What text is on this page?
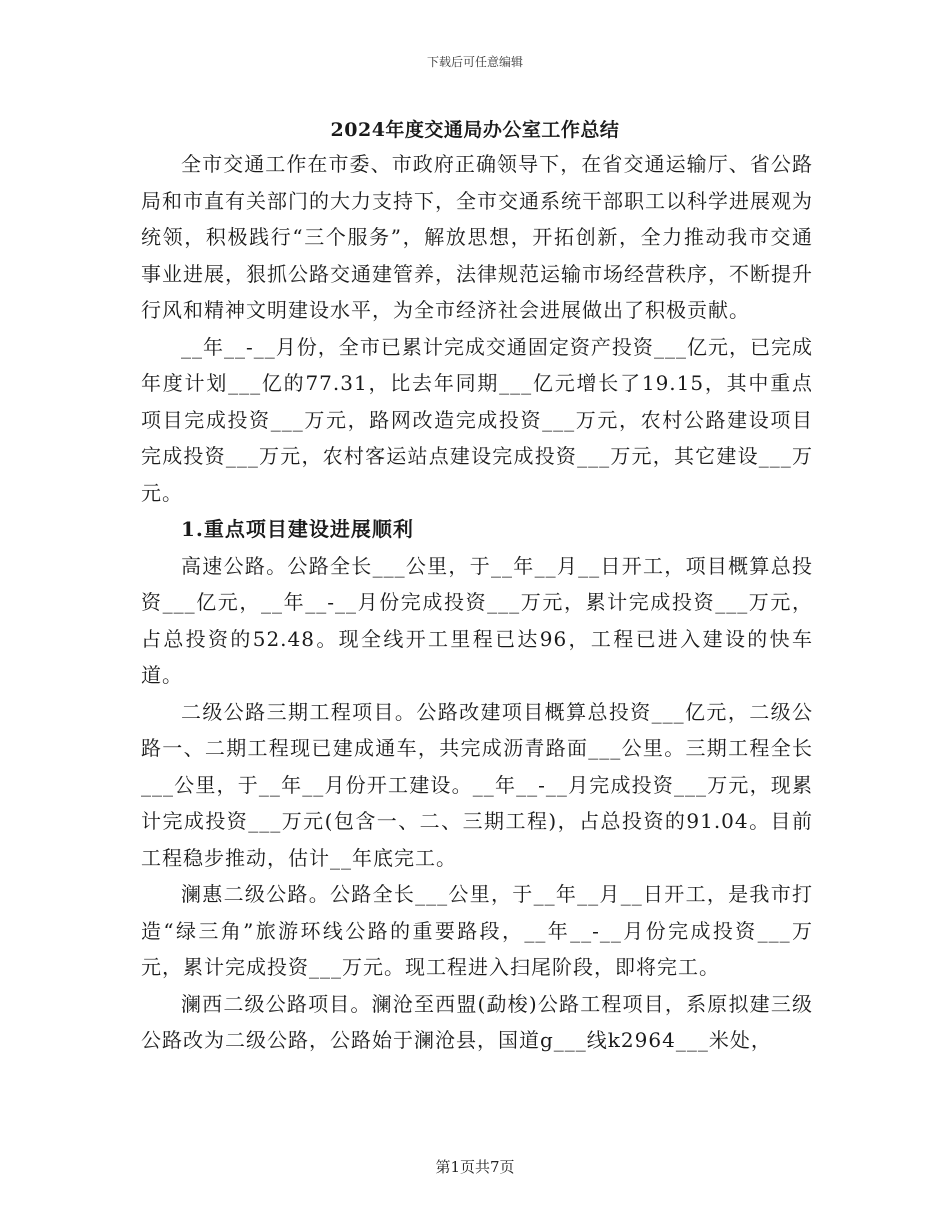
下载后可任意编辑
2024年度交通局办公室工作总结

全市交通工作在市委、市政府正确领导下，在省交通运输厅、省公路局和市直有关部门的大力支持下，全市交通系统干部职工以科学进展观为统领，积极践行“三个服务”，解放思想，开拓创新，全力推动我市交通事业进展，狠抓公路交通建管养，法律规范运输市场经营秩序，不断提升行风和精神文明建设水平，为全市经济社会进展做出了积极贡献。

__年__-__月份，全市已累计完成交通固定资产投资___亿元，已完成年度计划___亿的77.31，比去年同期___亿元增长了19.15，其中重点项目完成投资___万元，路网改造完成投资___万元，农村公路建设项目完成投资___万元，农村客运站点建设完成投资___万元，其它建设___万元。

1.重点项目建设进展顺利

高速公路。公路全长___公里，于__年__月__日开工，项目概算总投资___亿元，__年__-__月份完成投资___万元，累计完成投资___万元，占总投资的52.48。现全线开工里程已达96，工程已进入建设的快车道。

二级公路三期工程项目。公路改建项目概算总投资___亿元，二级公路一、二期工程现已建成通车，共完成沥青路面___公里。三期工程全长___公里，于__年__月份开工建设。__年__-__月完成投资___万元，现累计完成投资___万元(包含一、二、三期工程)，占总投资的91.04。目前工程稳步推动，估计__年底完工。

澜惠二级公路。公路全长___公里，于__年__月__日开工，是我市打造“绿三角”旅游环线公路的重要路段，__年__-__月份完成投资___万元，累计完成投资___万元。现工程进入扫尾阶段，即将完工。

澜西二级公路项目。澜沧至西盟(勐梭)公路工程项目，系原拟建三级公路改为二级公路，公路始于澜沧县，国道g___线k2964___米处，

第1页共7页
